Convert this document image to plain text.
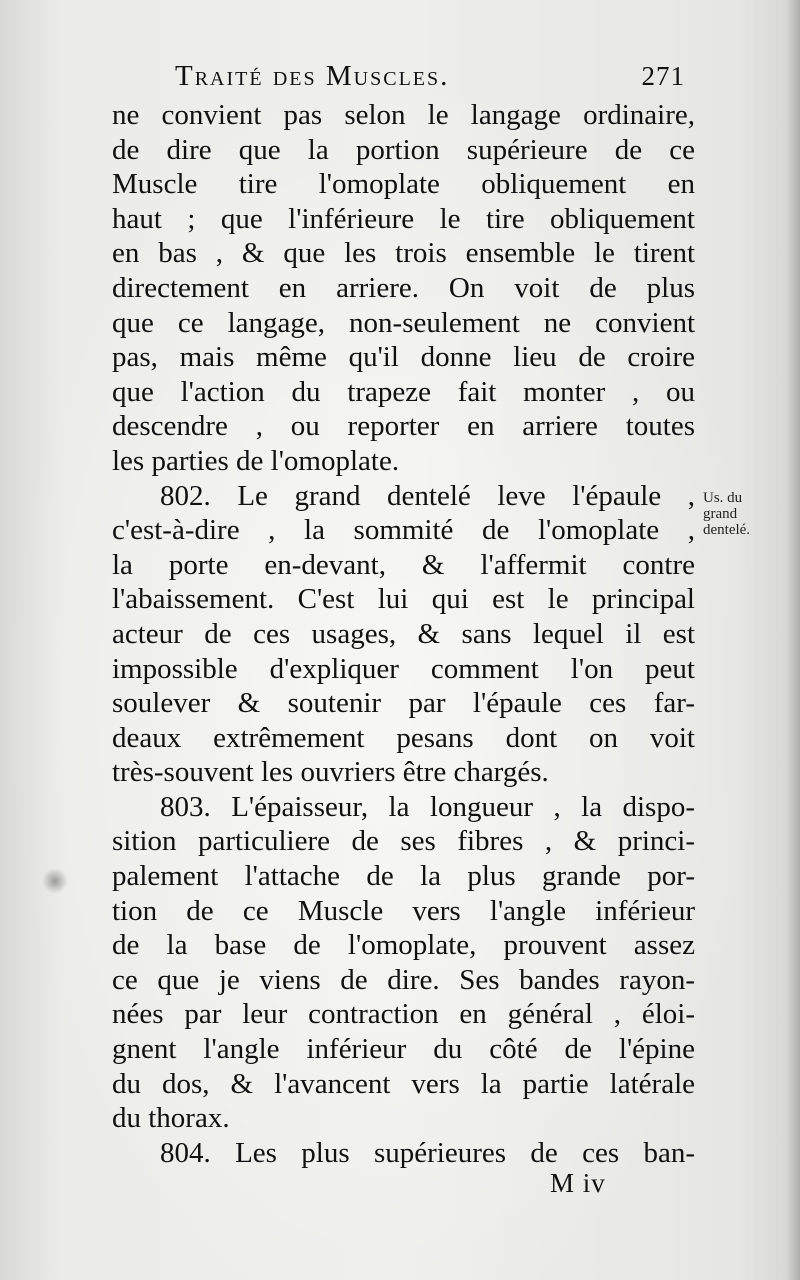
Traité des Muscles.	271
ne convient pas selon le langage ordinaire,
de dire que la portion supérieure de ce
Muscle tire l'omoplate obliquement en
haut ; que l'inférieure le tire obliquement
en bas , & que les trois ensemble le tirent
directement en arriere. On voit de plus
que ce langage, non-seulement ne convient
pas, mais même qu'il donne lieu de croire
que l'action du trapeze fait monter , ou
descendre , ou reporter en arriere toutes
les parties de l'omoplate.
802. Le grand dentelé leve l'épaule ,
c'est-à-dire , la sommité de l'omoplate ,
la porte en-devant, & l'affermit contre
l'abaissement. C'est lui qui est le principal
acteur de ces usages, & sans lequel il est
impossible d'expliquer comment l'on peut
soulever & soutenir par l'épaule ces far-
deaux extrêmement pesans dont on voit
très-souvent les ouvriers être chargés.
803. L'épaisseur, la longueur , la dispo-
sition particuliere de ses fibres , & princi-
palement l'attache de la plus grande por-
tion de ce Muscle vers l'angle inférieur
de la base de l'omoplate, prouvent assez
ce que je viens de dire. Ses bandes rayon-
nées par leur contraction en général , éloi-
gnent l'angle inférieur du côté de l'épine
du dos, & l'avancent vers la partie latérale
du thorax.
804. Les plus supérieures de ces ban-
Us. du
grand
dentelé.
M iv
